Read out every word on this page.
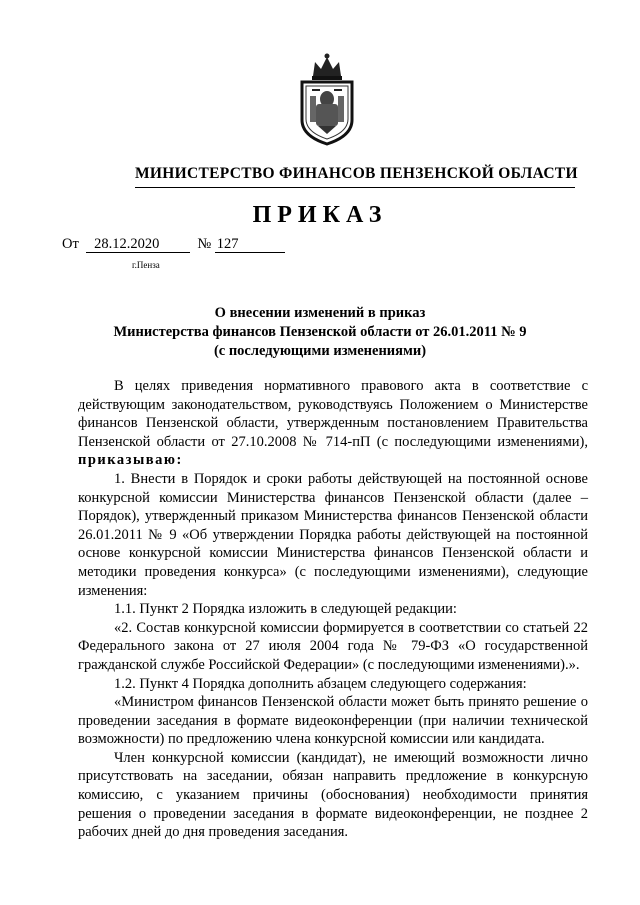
МИНИСТЕРСТВО ФИНАНСОВ ПЕНЗЕНСКОЙ ОБЛАСТИ
ПРИКАЗ
От 28.12.2020	№ 127
г.Пенза
О внесении изменений в приказ
Министерства финансов Пензенской области от 26.01.2011 № 9
(с последующими изменениями)

В целях приведения нормативного правового акта в соответствие с действующим законодательством, руководствуясь Положением о Министерстве финансов Пензенской области, утвержденным постановлением Правительства Пензенской области от 27.10.2008 № 714-пП (с последующими изменениями), приказываю:

1. Внести в Порядок и сроки работы действующей на постоянной основе конкурсной комиссии Министерства финансов Пензенской области (далее – Порядок), утвержденный приказом Министерства финансов Пензенской области 26.01.2011 № 9 «Об утверждении Порядка работы действующей на постоянной основе конкурсной комиссии Министерства финансов Пензенской области и методики проведения конкурса» (с последующими изменениями), следующие изменения:

1.1. Пункт 2 Порядка изложить в следующей редакции:

«2. Состав конкурсной комиссии формируется в соответствии со статьей 22 Федерального закона от 27 июля 2004 года № 79-ФЗ «О государственной гражданской службе Российской Федерации» (с последующими изменениями).».

1.2. Пункт 4 Порядка дополнить абзацем следующего содержания:

«Министром финансов Пензенской области может быть принято решение о проведении заседания в формате видеоконференции (при наличии технической возможности) по предложению члена конкурсной комиссии или кандидата.

Член конкурсной комиссии (кандидат), не имеющий возможности лично присутствовать на заседании, обязан направить предложение в конкурсную комиссию, с указанием причины (обоснования) необходимости принятия решения о проведении заседания в формате видеоконференции, не позднее 2 рабочих дней до дня проведения заседания.
